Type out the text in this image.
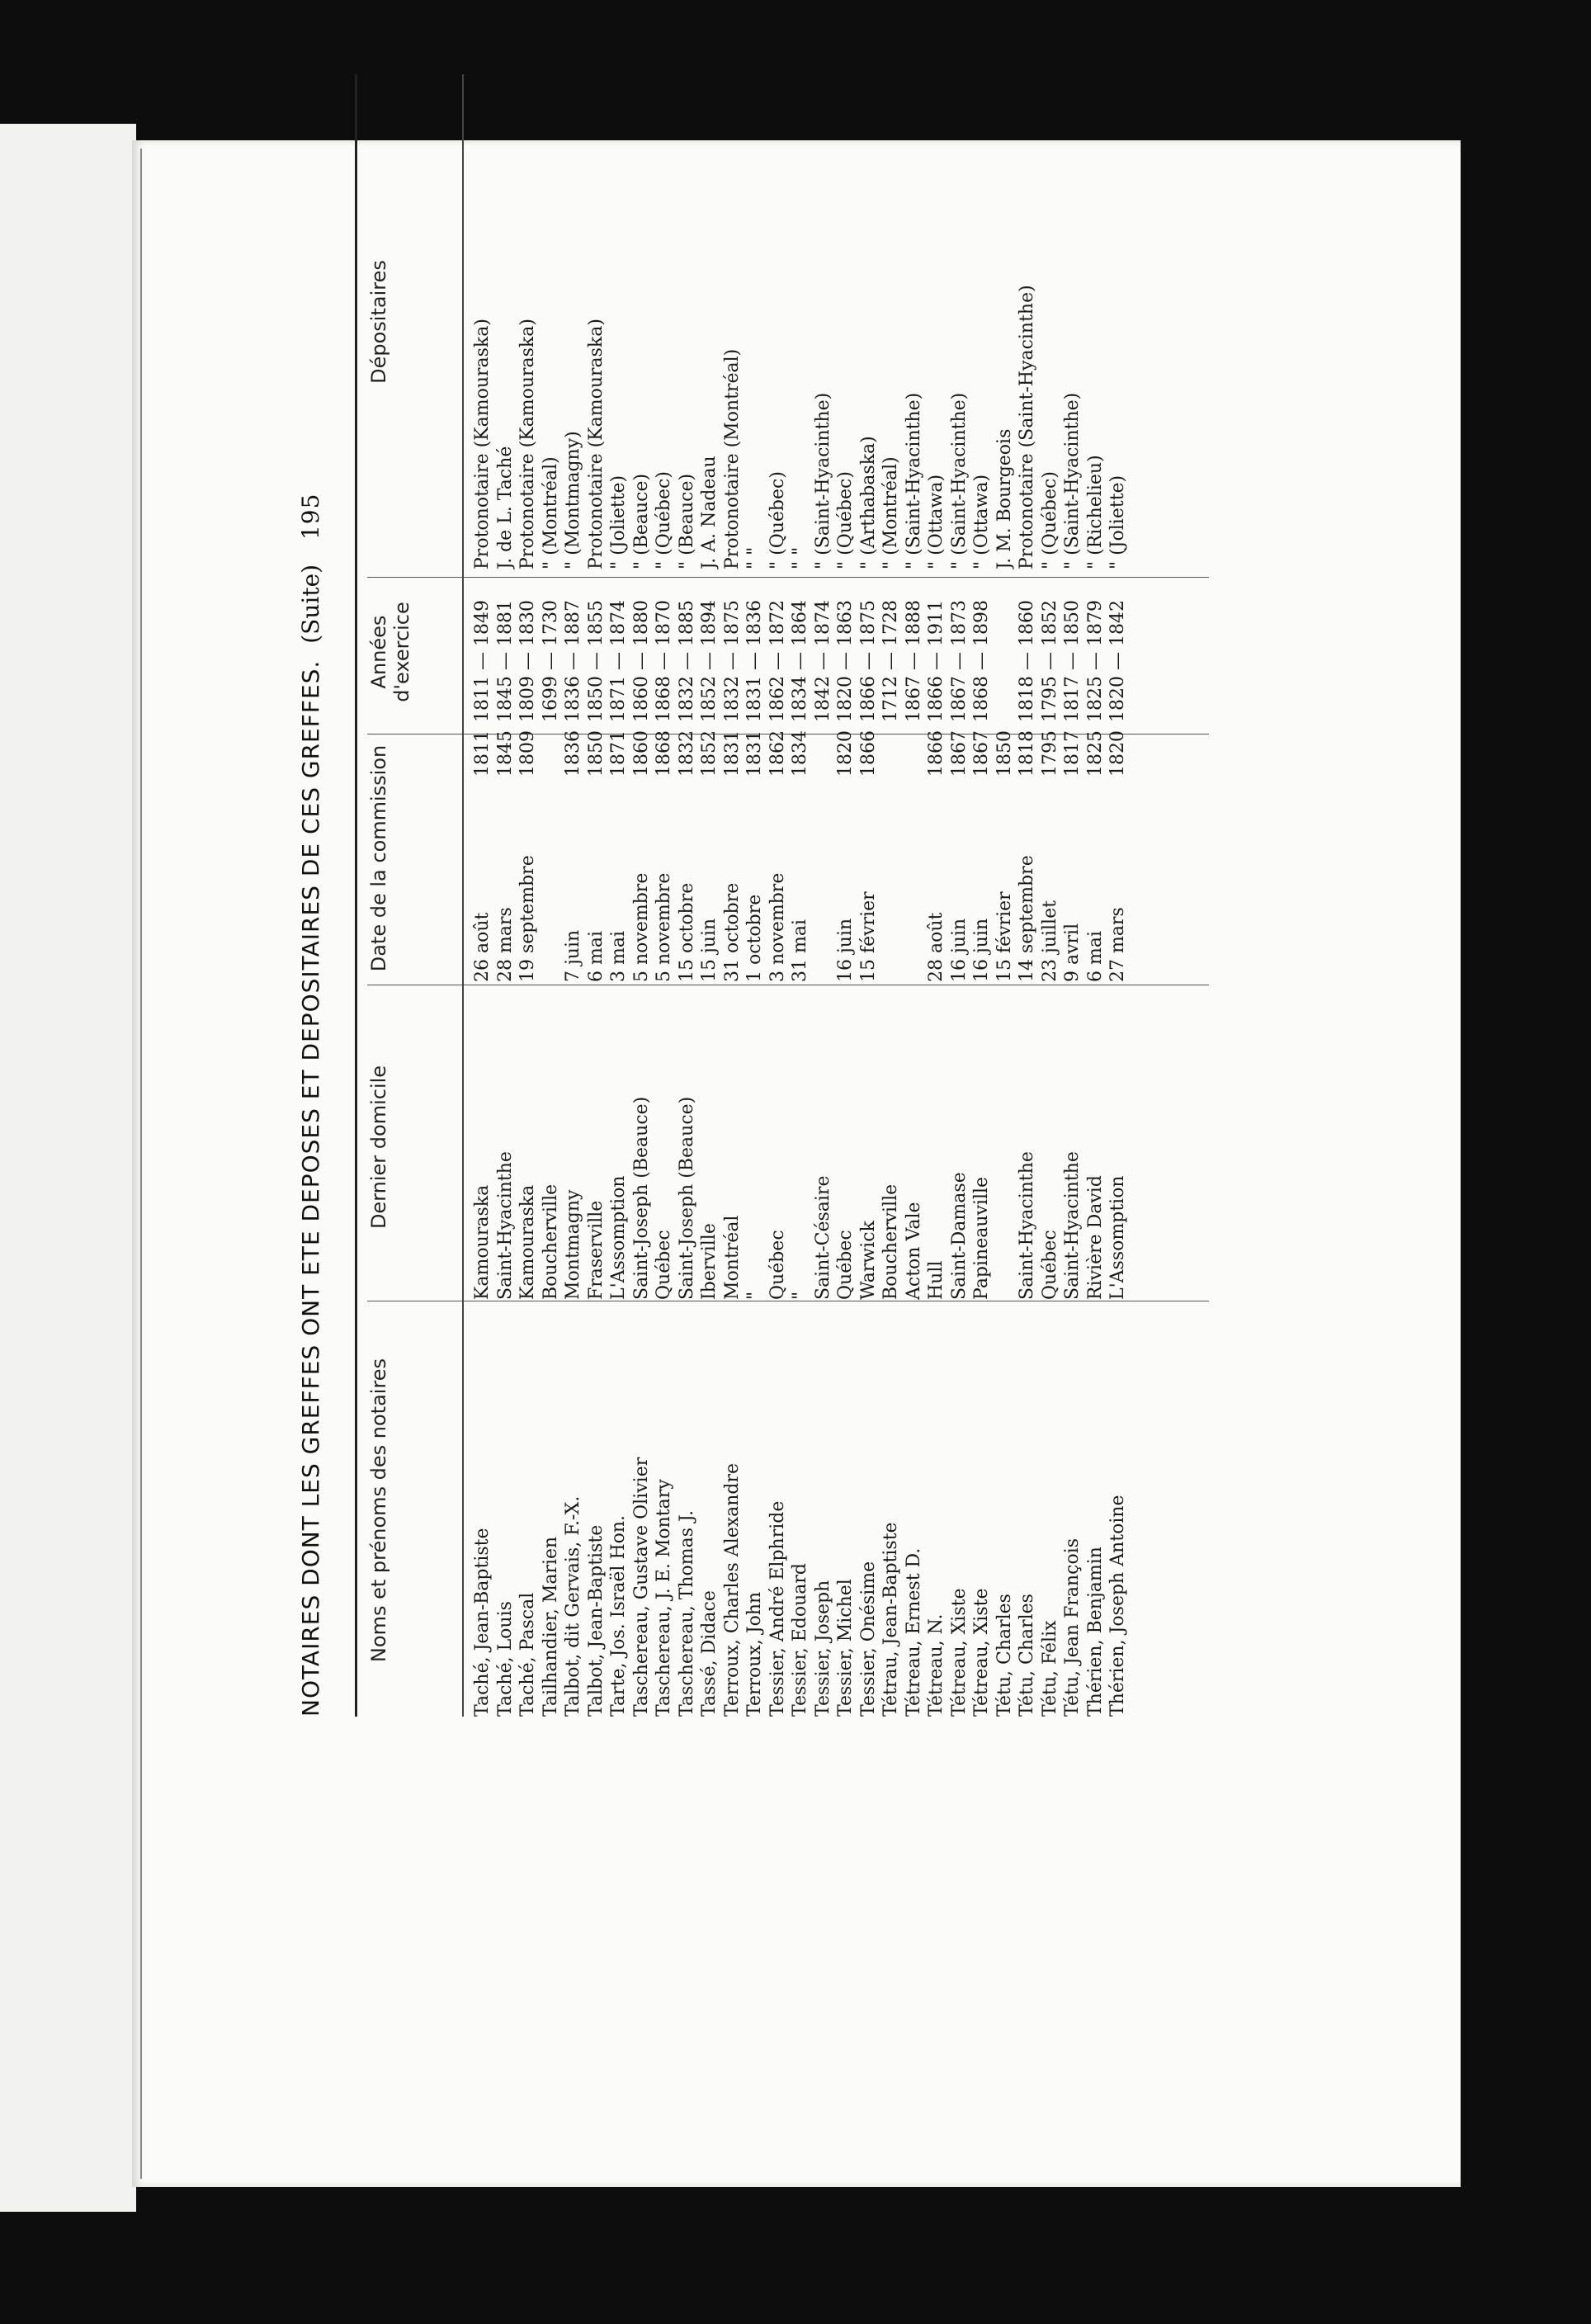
NOTAIRES DONT LES GREFFES ONT ETE DEPOSES ET DEPOSITAIRES DE CES GREFFES. (Suite) 195
Noms et prénoms des notaires
Dernier domicile
Date de la commission
Années d'exercice
Dépositaires
Taché, Jean-Baptiste
Kamouraska
26 août
1811
1811 — 1849
Protonotaire (Kamouraska)
Taché, Louis
Saint-Hyacinthe
28 mars
1845
1845 — 1881
J. de L. Taché
Taché, Pascal
Kamouraska
19 septembre
1809
1809 — 1830
Protonotaire (Kamouraska)
Tailhandier, Marien
Boucherville
1699 — 1730
" (Montréal)
Talbot, dit Gervais, F.-X.
Montmagny
7 juin
1836
1836 — 1887
" (Montmagny)
Talbot, Jean-Baptiste
Fraserville
6 mai
1850
1850 — 1855
Protonotaire (Kamouraska)
Tarte, Jos. Israël Hon.
L'Assomption
3 mai
1871
1871 — 1874
" (Joliette)
Taschereau, Gustave Olivier
Saint-Joseph (Beauce)
5 novembre
1860
1860 — 1880
" (Beauce)
Taschereau, J. E. Montary
Québec
5 novembre
1868
1868 — 1870
" (Québec)
Taschereau, Thomas J.
Saint-Joseph (Beauce)
15 octobre
1832
1832 — 1885
" (Beauce)
Tassé, Didace
Iberville
15 juin
1852
1852 — 1894
J. A. Nadeau
Terroux, Charles Alexandre
Montréal
31 octobre
1831
1832 — 1875
Protonotaire (Montréal)
Terroux, John
"
1 octobre
1831
1831 — 1836
" "
Tessier, André Elphride
Québec
3 novembre
1862
1862 — 1872
" (Québec)
Tessier, Edouard
"
31 mai
1834
1834 — 1864
" "
Tessier, Joseph
Saint-Césaire
1842 — 1874
" (Saint-Hyacinthe)
Tessier, Michel
Québec
16 juin
1820
1820 — 1863
" (Québec)
Tessier, Onésime
Warwick
15 février
1866
1866 — 1875
" (Arthabaska)
Tétrau, Jean-Baptiste
Boucherville
1712 — 1728
" (Montréal)
Tétreau, Ernest D.
Acton Vale
1867 — 1888
" (Saint-Hyacinthe)
Tétreau, N.
Hull
28 août
1866
1866 — 1911
" (Ottawa)
Tétreau, Xiste
Saint-Damase
16 juin
1867
1867 — 1873
" (Saint-Hyacinthe)
Tétreau, Xiste
Papineauville
16 juin
1867
1868 — 1898
" (Ottawa)
Tétu, Charles
15 février
1850
J. M. Bourgeois
Tétu, Charles
Saint-Hyacinthe
14 septembre
1818
1818 — 1860
Protonotaire (Saint-Hyacinthe)
Tétu, Félix
Québec
23 juillet
1795
1795 — 1852
" (Québec)
Tétu, Jean François
Saint-Hyacinthe
9 avril
1817
1817 — 1850
" (Saint-Hyacinthe)
Thérien, Benjamin
Rivière David
6 mai
1825
1825 — 1879
" (Richelieu)
Thérien, Joseph Antoine
L'Assomption
27 mars
1820
1820 — 1842
" (Joliette)
